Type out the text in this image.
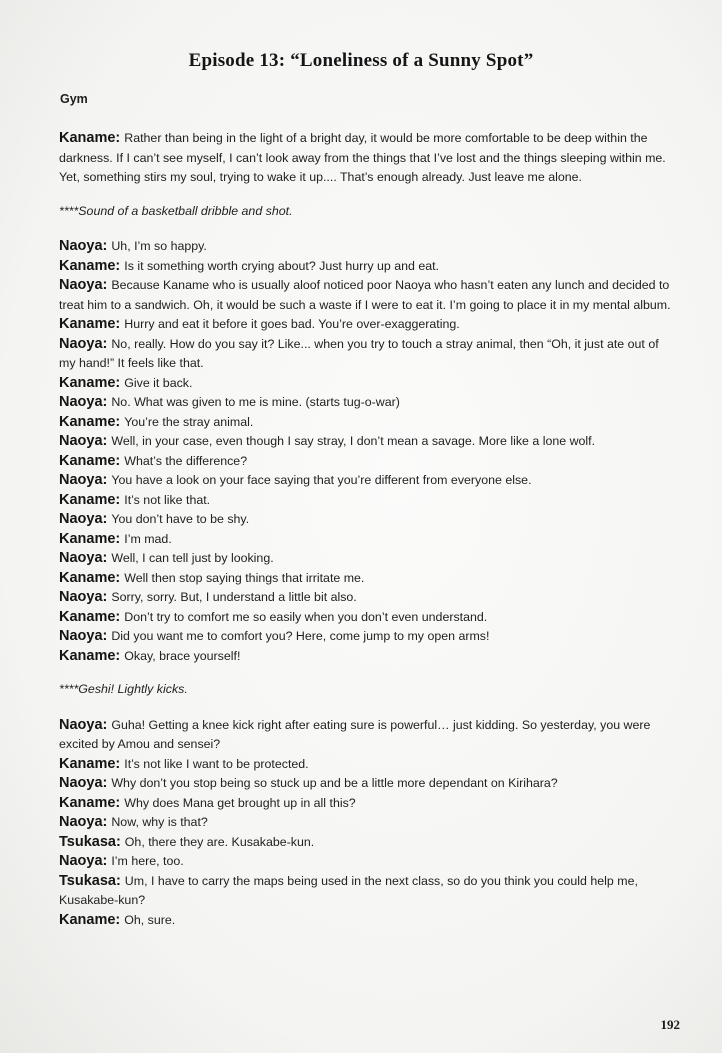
Episode 13: “Loneliness of a Sunny Spot”
Gym

Kaname: Rather than being in the light of a bright day, it would be more comfortable to be deep within the darkness. If I can’t see myself, I can’t look away from the things that I’ve lost and the things sleeping within me. Yet, something stirs my soul, trying to wake it up.... That’s enough already. Just leave me alone.

****Sound of a basketball dribble and shot.

Naoya: Uh, I’m so happy.

Kaname: Is it something worth crying about? Just hurry up and eat.

Naoya: Because Kaname who is usually aloof noticed poor Naoya who hasn’t eaten any lunch and decided to treat him to a sandwich. Oh, it would be such a waste if I were to eat it. I’m going to place it in my mental album.

Kaname: Hurry and eat it before it goes bad. You’re over-exaggerating.

Naoya: No, really. How do you say it? Like... when you try to touch a stray animal, then “Oh, it just ate out of my hand!” It feels like that.

Kaname: Give it back.

Naoya: No. What was given to me is mine. (starts tug-o-war)

Kaname: You’re the stray animal.

Naoya: Well, in your case, even though I say stray, I don’t mean a savage. More like a lone wolf.

Kaname: What’s the difference?

Naoya: You have a look on your face saying that you’re different from everyone else.

Kaname: It’s not like that.

Naoya: You don’t have to be shy.

Kaname: I’m mad.

Naoya: Well, I can tell just by looking.

Kaname: Well then stop saying things that irritate me.

Naoya: Sorry, sorry. But, I understand a little bit also.

Kaname: Don’t try to comfort me so easily when you don’t even understand.

Naoya: Did you want me to comfort you? Here, come jump to my open arms!

Kaname: Okay, brace yourself!

****Geshi! Lightly kicks.

Naoya: Guha! Getting a knee kick right after eating sure is powerful… just kidding. So yesterday, you were excited by Amou and sensei?

Kaname: It’s not like I want to be protected.

Naoya: Why don’t you stop being so stuck up and be a little more dependant on Kirihara?

Kaname: Why does Mana get brought up in all this?

Naoya: Now, why is that?

Tsukasa: Oh, there they are. Kusakabe-kun.

Naoya: I’m here, too.

Tsukasa: Um, I have to carry the maps being used in the next class, so do you think you could help me, Kusakabe-kun?

Kaname: Oh, sure.

192
